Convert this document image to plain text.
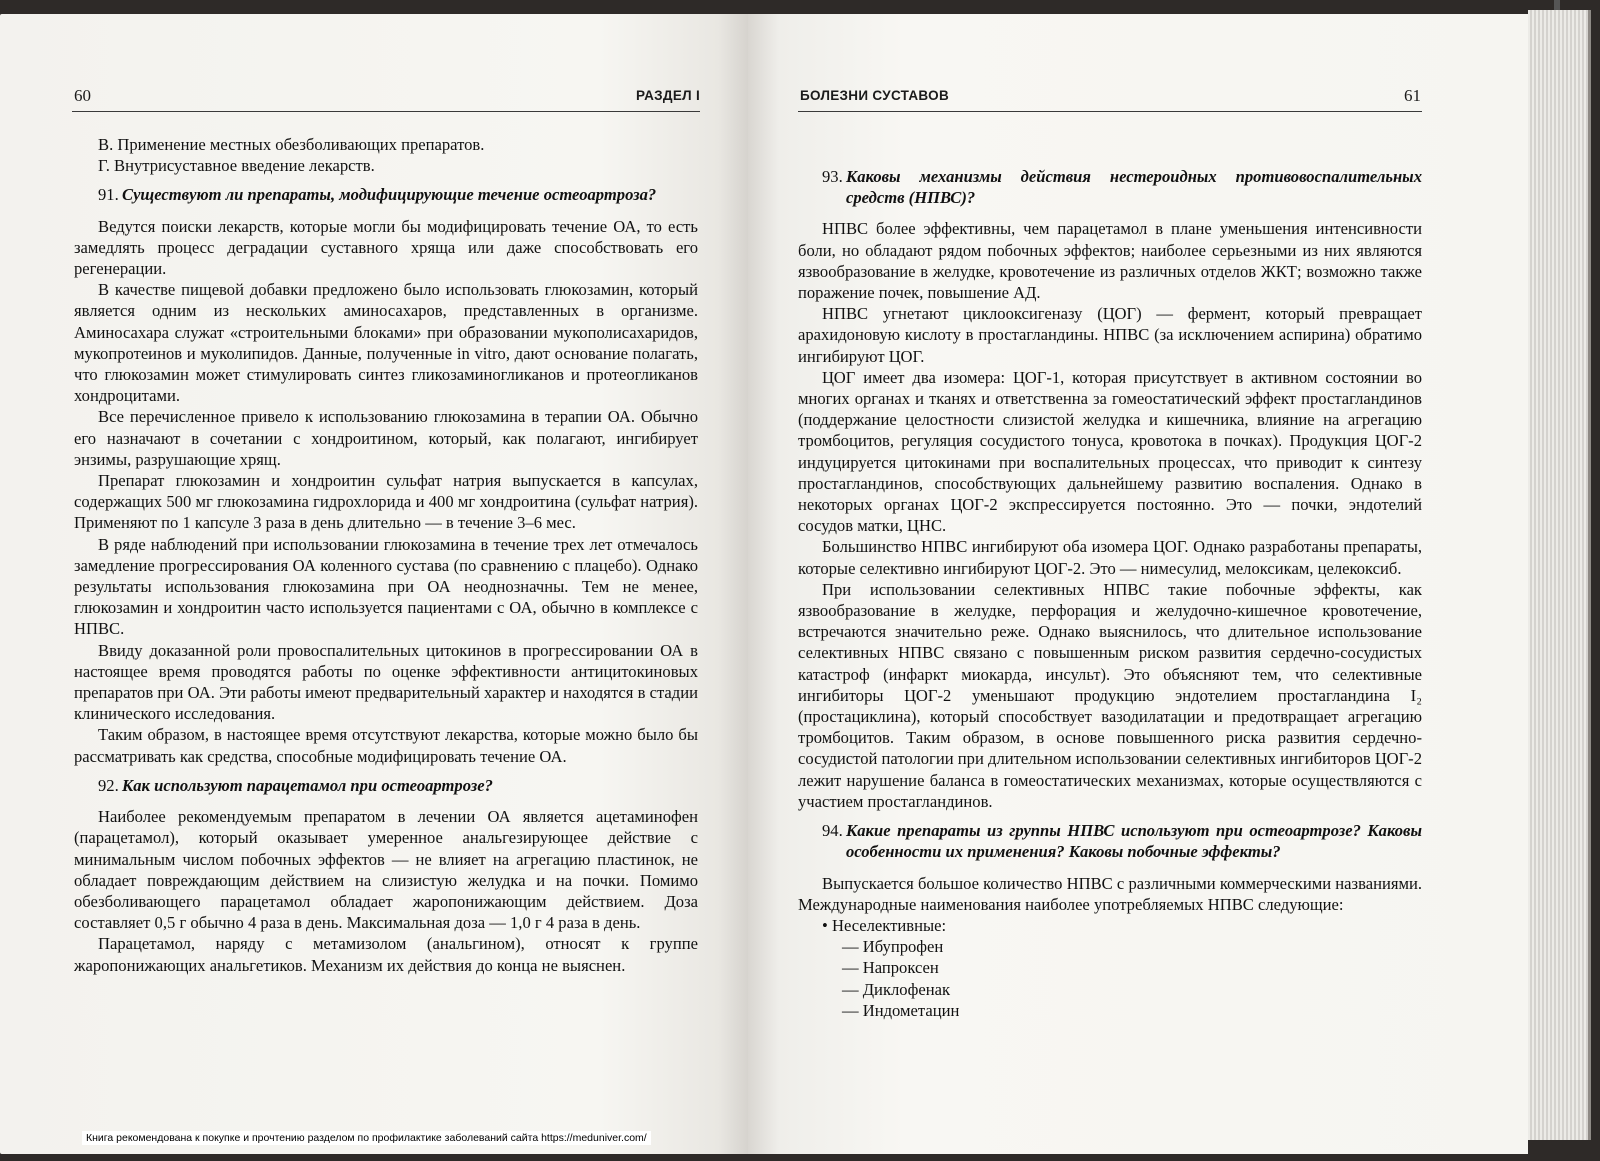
60	РАЗДЕЛ I

В. Применение местных обезболивающих препаратов.

Г. Внутрисуставное введение лекарств.

91. Существуют ли препараты, модифицирующие течение остеоартроза?

Ведутся поиски лекарств, которые могли бы модифицировать течение ОА, то есть замедлять процесс деградации суставного хряща или даже способствовать его регенерации.

В качестве пищевой добавки предложено было использовать глюкозамин, который является одним из нескольких аминосахаров, представленных в организме. Аминосахара служат «строительными блоками» при образовании мукополисахаридов, мукопротеинов и муколипидов. Данные, полученные in vitro, дают основание полагать, что глюкозамин может стимулировать синтез гликозаминогликанов и протеогликанов хондроцитами.

Все перечисленное привело к использованию глюкозамина в терапии ОА. Обычно его назначают в сочетании с хондроитином, который, как полагают, ингибирует энзимы, разрушающие хрящ.

Препарат глюкозамин и хондроитин сульфат натрия выпускается в капсулах, содержащих 500 мг глюкозамина гидрохлорида и 400 мг хондроитина (сульфат натрия). Применяют по 1 капсуле 3 раза в день длительно — в течение 3–6 мес.

В ряде наблюдений при использовании глюкозамина в течение трех лет отмечалось замедление прогрессирования ОА коленного сустава (по сравнению с плацебо). Однако результаты использования глюкозамина при ОА неоднозначны. Тем не менее, глюкозамин и хондроитин часто используется пациентами с ОА, обычно в комплексе с НПВС.

Ввиду доказанной роли провоспалительных цитокинов в прогрессировании ОА в настоящее время проводятся работы по оценке эффективности антицитокиновых препаратов при ОА. Эти работы имеют предварительный характер и находятся в стадии клинического исследования.

Таким образом, в настоящее время отсутствуют лекарства, которые можно было бы рассматривать как средства, способные модифицировать течение ОА.

92. Как используют парацетамол при остеоартрозе?

Наиболее рекомендуемым препаратом в лечении ОА является ацетаминофен (парацетамол), который оказывает умеренное анальгезирующее действие с минимальным числом побочных эффектов — не влияет на агрегацию пластинок, не обладает повреждающим действием на слизистую желудка и на почки. Помимо обезболивающего парацетамол обладает жаропонижающим действием. Доза составляет 0,5 г обычно 4 раза в день. Максимальная доза — 1,0 г 4 раза в день.

Парацетамол, наряду с метамизолом (анальгином), относят к группе жаропонижающих анальгетиков. Механизм их действия до конца не выяснен.

БОЛЕЗНИ СУСТАВОВ	61

93. Каковы механизмы действия нестероидных противовоспалительных средств (НПВС)?

НПВС более эффективны, чем парацетамол в плане уменьшения интенсивности боли, но обладают рядом побочных эффектов; наиболее серьезными из них являются язвообразование в желудке, кровотечение из различных отделов ЖКТ; возможно также поражение почек, повышение АД.

НПВС угнетают циклооксигеназу (ЦОГ) — фермент, который превращает арахидоновую кислоту в простагландины. НПВС (за исключением аспирина) обратимо ингибируют ЦОГ.

ЦОГ имеет два изомера: ЦОГ-1, которая присутствует в активном состоянии во многих органах и тканях и ответственна за гомеостатический эффект простагландинов (поддержание целостности слизистой желудка и кишечника, влияние на агрегацию тромбоцитов, регуляция сосудистого тонуса, кровотока в почках). Продукция ЦОГ-2 индуцируется цитокинами при воспалительных процессах, что приводит к синтезу простагландинов, способствующих дальнейшему развитию воспаления. Однако в некоторых органах ЦОГ-2 экспрессируется постоянно. Это — почки, эндотелий сосудов матки, ЦНС.

Большинство НПВС ингибируют оба изомера ЦОГ. Однако разработаны препараты, которые селективно ингибируют ЦОГ-2. Это — нимесулид, мелоксикам, целекоксиб.

При использовании селективных НПВС такие побочные эффекты, как язвообразование в желудке, перфорация и желудочно-кишечное кровотечение, встречаются значительно реже. Однако выяснилось, что длительное использование селективных НПВС связано с повышенным риском развития сердечно-сосудистых катастроф (инфаркт миокарда, инсульт). Это объясняют тем, что селективные ингибиторы ЦОГ-2 уменьшают продукцию эндотелием простагландина I₂ (простациклина), который способствует вазодилатации и предотвращает агрегацию тромбоцитов. Таким образом, в основе повышенного риска развития сердечно-сосудистой патологии при длительном использовании селективных ингибиторов ЦОГ-2 лежит нарушение баланса в гомеостатических механизмах, которые осуществляются с участием простагландинов.

94. Какие препараты из группы НПВС используют при остеоартрозе? Каковы особенности их применения? Каковы побочные эффекты?

Выпускается большое количество НПВС с различными коммерческими названиями. Международные наименования наиболее употребляемых НПВС следующие:

• Неселективные:
— Ибупрофен
— Напроксен
— Диклофенак
— Индометацин
Книга рекомендована к покупке и прочтению разделом по профилактике заболеваний сайта https://meduniver.com/
